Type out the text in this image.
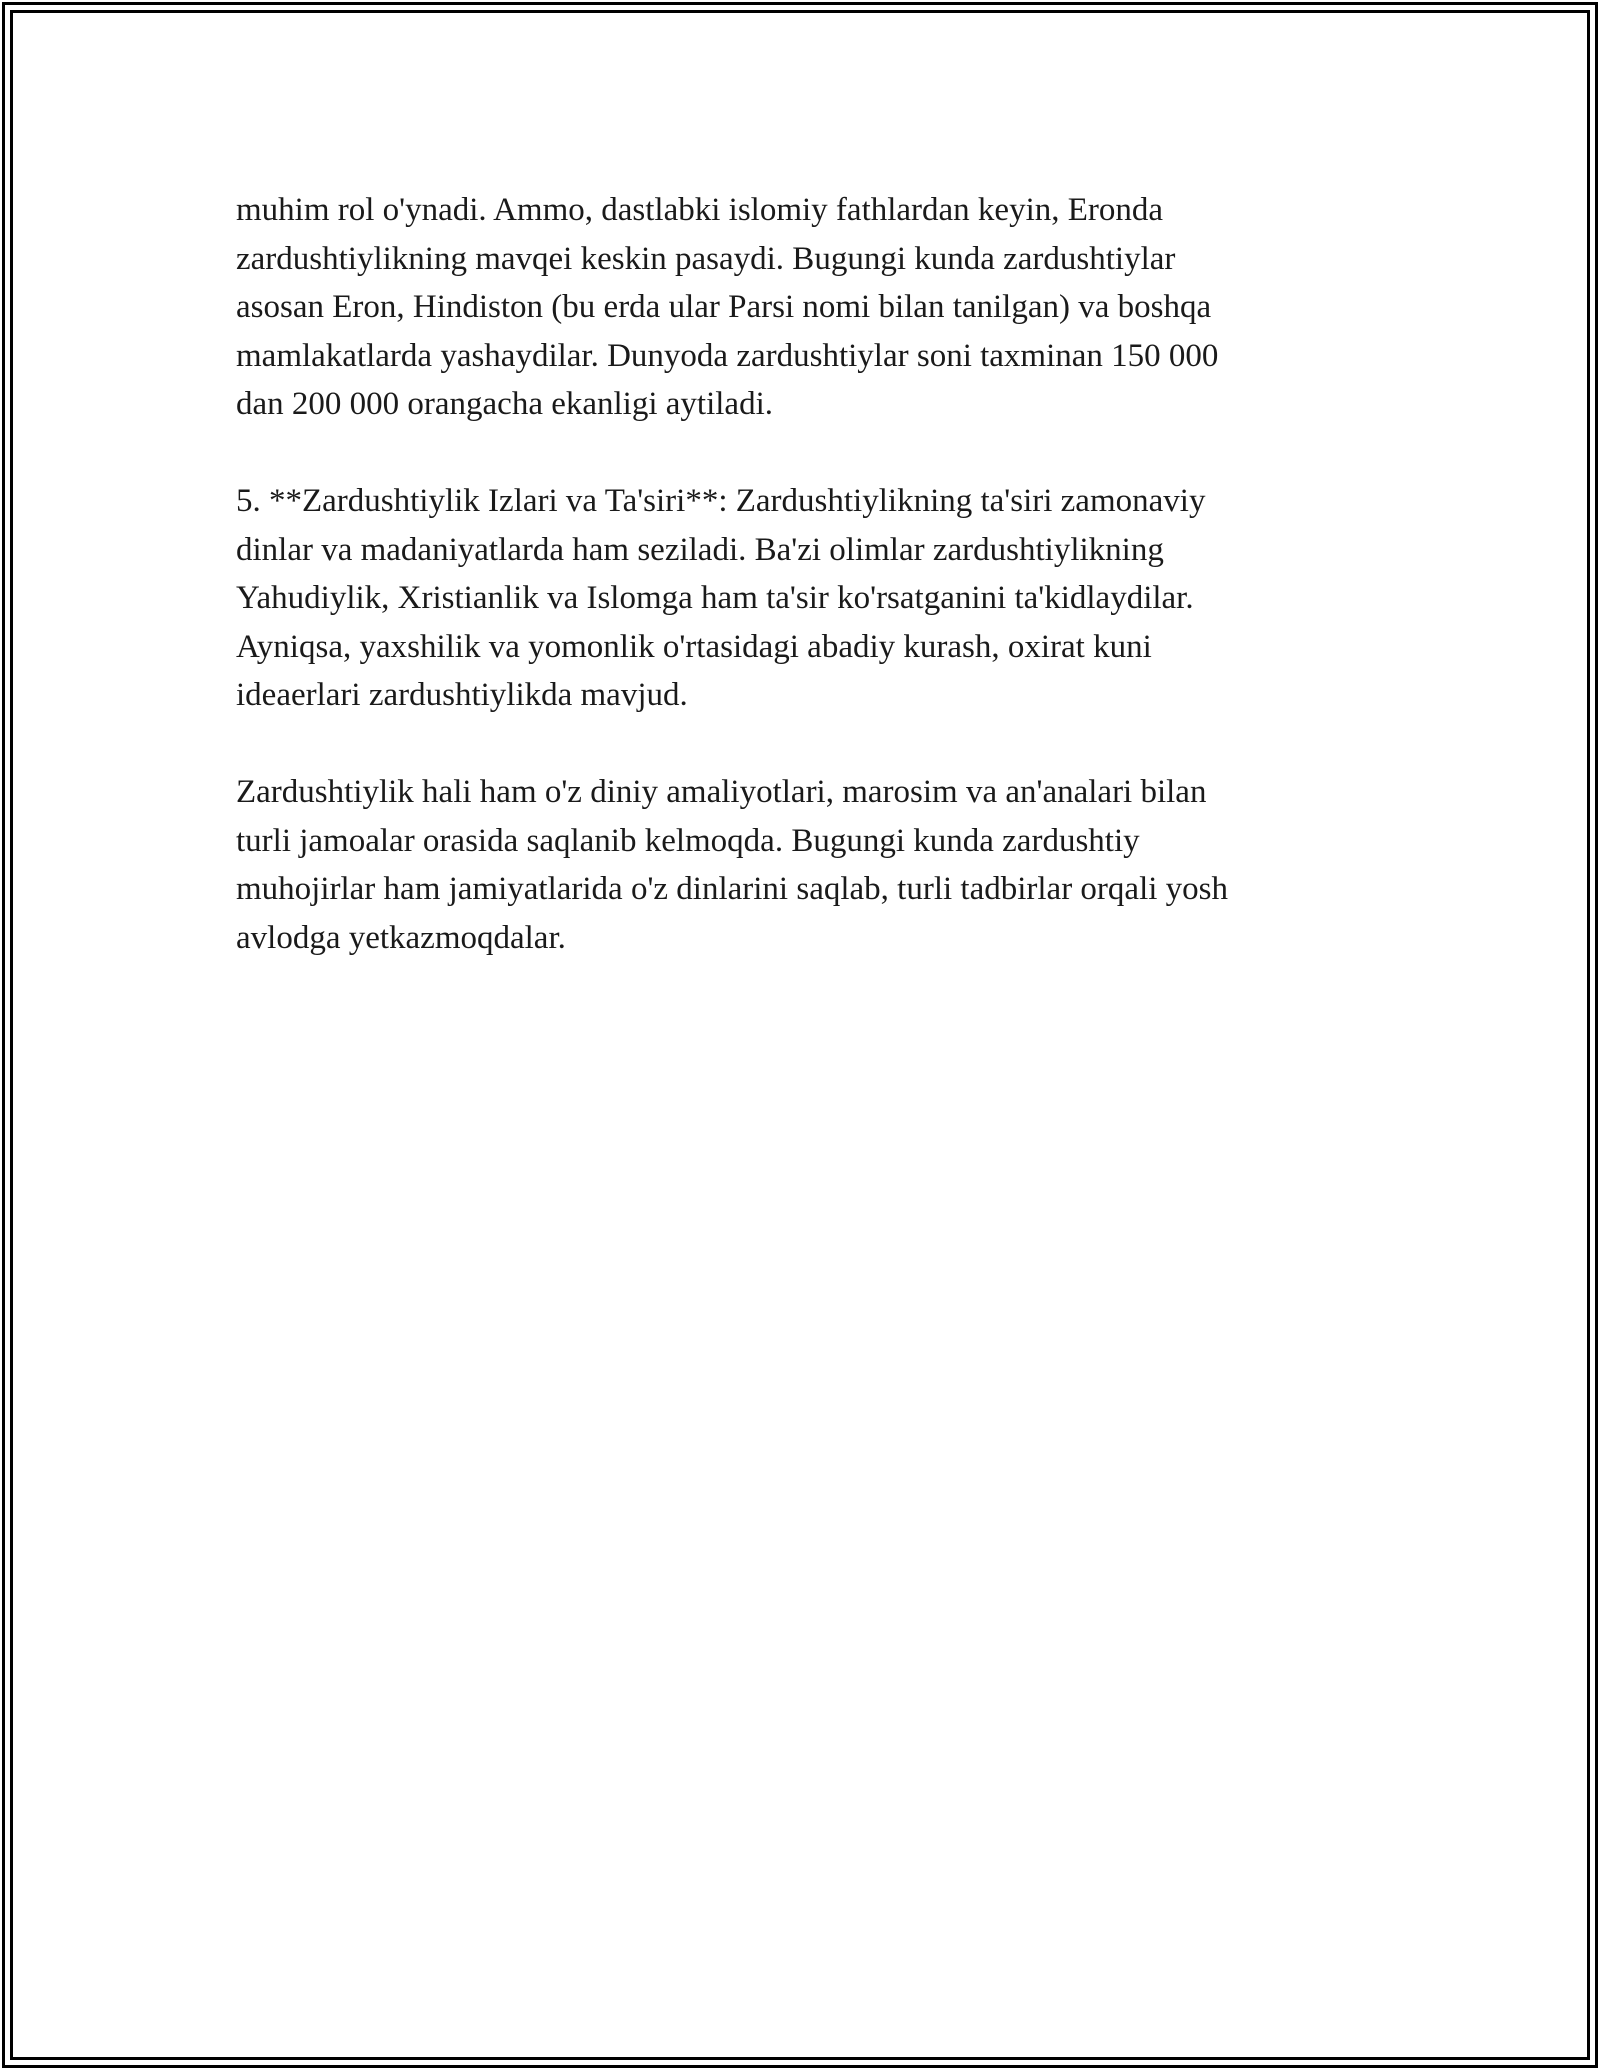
muhim rol o'ynadi. Ammo, dastlabki islomiy fathlardan keyin, Eronda
zardushtiylikning mavqei keskin pasaydi. Bugungi kunda zardushtiylar
asosan Eron, Hindiston (bu erda ular Parsi nomi bilan tanilgan) va boshqa
mamlakatlarda yashaydilar. Dunyoda zardushtiylar soni taxminan 150 000
dan 200 000 orangacha ekanligi aytiladi.

5. **Zardushtiylik Izlari va Ta'siri**: Zardushtiylikning ta'siri zamonaviy
dinlar va madaniyatlarda ham seziladi. Ba'zi olimlar zardushtiylikning
Yahudiylik, Xristianlik va Islomga ham ta'sir ko'rsatganini ta'kidlaydilar.
Ayniqsa, yaxshilik va yomonlik o'rtasidagi abadiy kurash, oxirat kuni
ideaerlari zardushtiylikda mavjud.

Zardushtiylik hali ham o'z diniy amaliyotlari, marosim va an'analari bilan
turli jamoalar orasida saqlanib kelmoqda. Bugungi kunda zardushtiy
muhojirlar ham jamiyatlarida o'z dinlarini saqlab, turli tadbirlar orqali yosh
avlodga yetkazmoqdalar.
